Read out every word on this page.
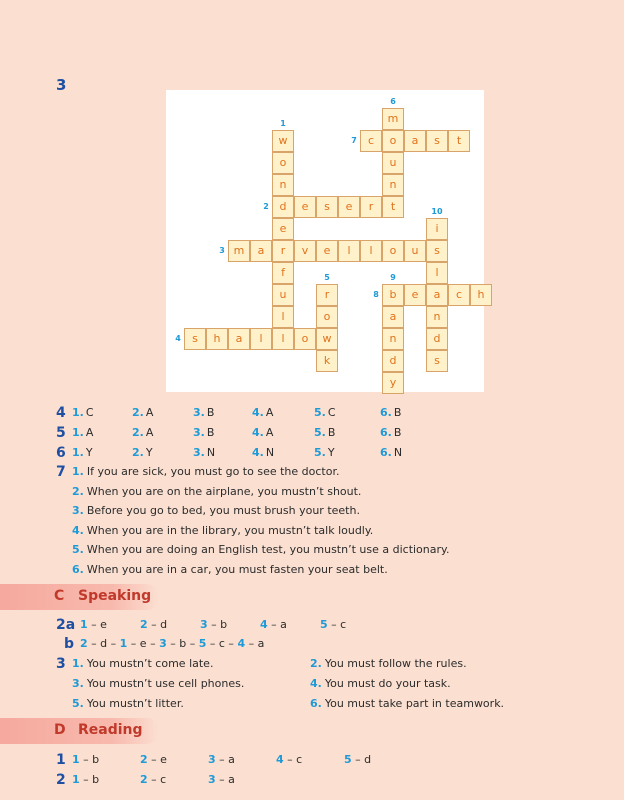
3
w
o
n
d
e
r
f
u
l
1
e	s	e	r	t
2
m	a	v	e	l	l	o	u	s
3
s	h	a	l	l	o	w
4
r
o
k
5
m
o
u
n
6
c	a	s	t
7
b	e	a	c	h
8
a
n
d
y
9
i
l
n
d
s
10
4 1. C	2. A	3. B	4. A	5. C	6. B
5 1. A	2. A	3. B	4. A	5. B	6. B
6 1. Y	2. Y	3. N	4. N	5. Y	6. N
7 1. If you are sick, you must go to see the doctor.
2. When you are on the airplane, you mustn’t shout.
3. Before you go to bed, you must brush your teeth.
4. When you are in the library, you mustn’t talk loudly.
5. When you are doing an English test, you mustn’t use a dictionary.
6. When you are in a car, you must fasten your seat belt.
C Speaking
2a 1 – e	2 – d	3 – b	4 – a	5 – c
b 2 – d – 1 – e – 3 – b – 5 – c – 4 – a
3 1. You mustn’t come late.	2. You must follow the rules.
3. You mustn’t use cell phones.	4. You must do your task.
5. You mustn’t litter.	6. You must take part in teamwork.
D Reading
1 1 – b	2 – e	3 – a	4 – c	5 – d
2 1 – b	2 – c	3 – a
